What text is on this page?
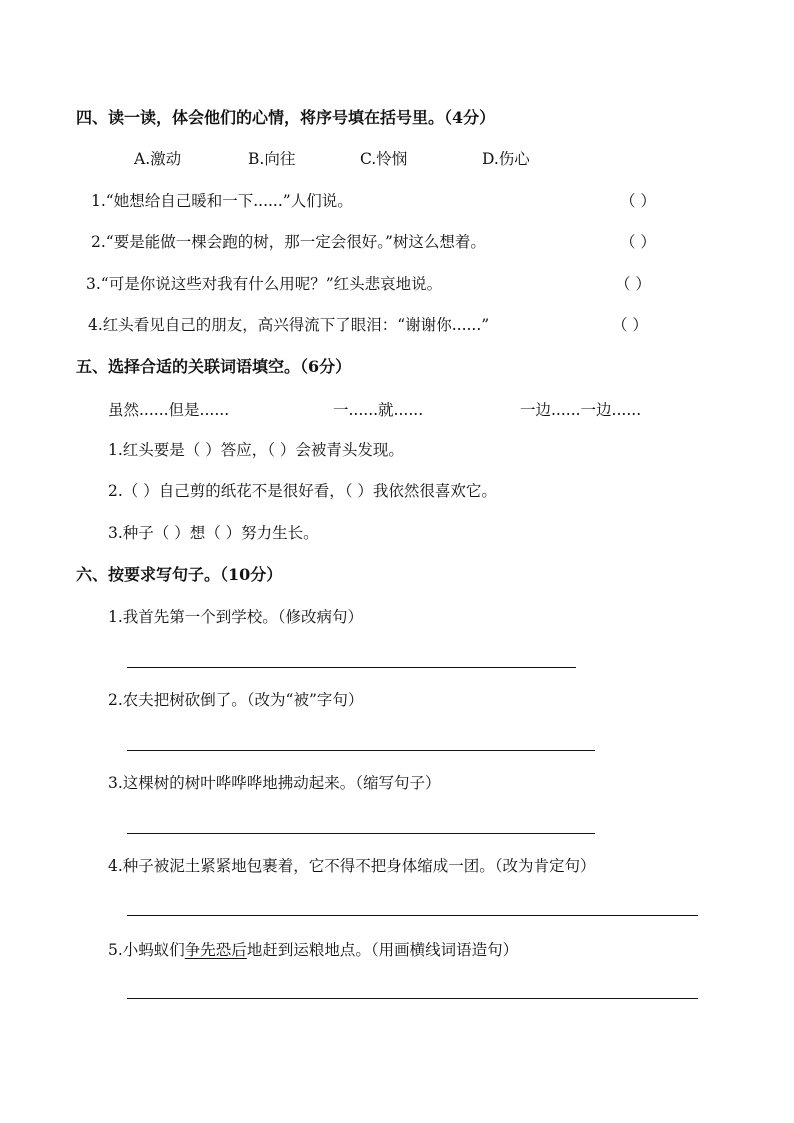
四、读一读，体会他们的心情，将序号填在括号里。（4分）
A.激动	B.向往	C.怜悯	D.伤心
1.“她想给自己暖和一下......”人们说。	（ ）
2.“要是能做一棵会跑的树，那一定会很好。”树这么想着。	（ ）
3.“可是你说这些对我有什么用呢？”红头悲哀地说。	（ ）
4.红头看见自己的朋友，高兴得流下了眼泪：“谢谢你......”	（ ）
五、选择合适的关联词语填空。（6分）
虽然......但是......	一......就......	一边......一边......
1.红头要是（ ）答应，（ ）会被青头发现。
2.（ ）自己剪的纸花不是很好看，（ ）我依然很喜欢它。
3.种子（ ）想（ ）努力生长。
六、按要求写句子。（10分）
1.我首先第一个到学校。（修改病句）
2.农夫把树砍倒了。（改为“被”字句）
3.这棵树的树叶哗哗哗地拂动起来。（缩写句子）
4.种子被泥土紧紧地包裹着，它不得不把身体缩成一团。（改为肯定句）
5.小蚂蚁们争先恐后地赶到运粮地点。（用画横线词语造句）
